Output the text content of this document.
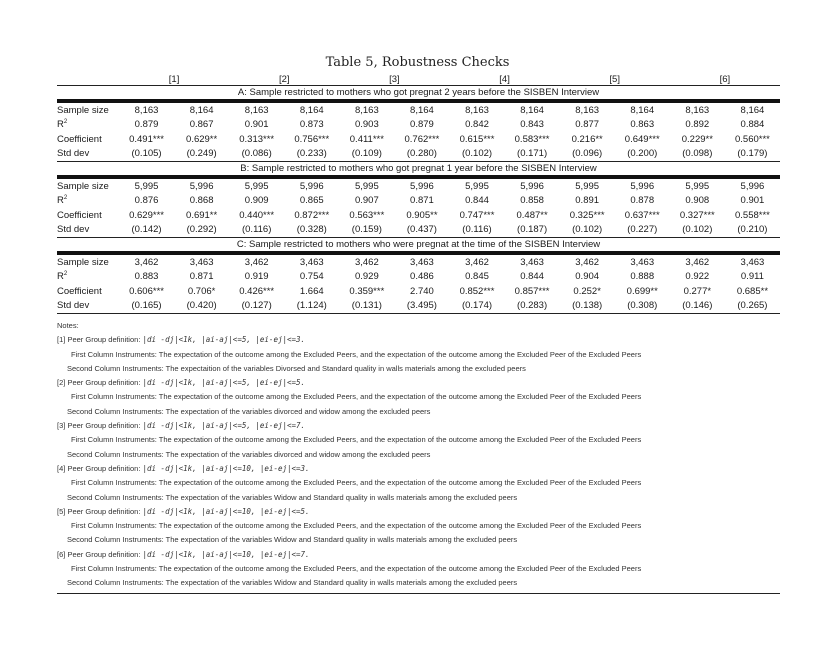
Table 5, Robustness Checks
	[1]		[2]		[3]		[4]		[5]		[6]	
A: Sample restricted to mothers who got pregnat 2 years before the SISBEN Interview												
Sample size	8,163	8,164	8,163	8,164	8,163	8,164	8,163	8,164	8,163	8,164	8,163	8,164
$R^2$	0.879	0.867	0.901	0.873	0.903	0.879	0.842	0.843	0.877	0.863	0.892	0.884
Coefficient	0.491***	0.629**	0.313***	0.756***	0.411***	0.762***	0.615***	0.583***	0.216**	0.649***	0.229**	0.560***
Std dev	(0.105)	(0.249)	(0.086)	(0.233)	(0.109)	(0.280)	(0.102)	(0.171)	(0.096)	(0.200)	(0.098)	(0.179)
B: Sample restricted to mothers who got pregnat 1 year before the SISBEN Interview												
Sample size	5,995	5,996	5,995	5,996	5,995	5,996	5,995	5,996	5,995	5,996	5,995	5,996
$R^2$	0.876	0.868	0.909	0.865	0.907	0.871	0.844	0.858	0.891	0.878	0.908	0.901
Coefficient	0.629***	0.691**	0.440***	0.872***	0.563***	0.905**	0.747***	0.487**	0.325***	0.637***	0.327***	0.558***
Std dev	(0.142)	(0.292)	(0.116)	(0.328)	(0.159)	(0.437)	(0.116)	(0.187)	(0.102)	(0.227)	(0.102)	(0.210)
C: Sample restricted to mothers who were pregnat at the time of the SISBEN Interview												
Sample size	3,462	3,463	3,462	3,463	3,462	3,463	3,462	3,463	3,462	3,463	3,462	3,463
$R^2$	0.883	0.871	0.919	0.754	0.929	0.486	0.845	0.844	0.904	0.888	0.922	0.911
Coefficient	0.606***	0.706*	0.426***	1.664	0.359***	2.740	0.852***	0.857***	0.252*	0.699**	0.277*	0.685**
Std dev	(0.165)	(0.420)	(0.127)	(1.124)	(0.131)	(3.495)	(0.174)	(0.283)	(0.138)	(0.308)	(0.146)	(0.265)
Notes:
[1] Peer Group definition: |di -dj|<1k, |ai-aj|<=5, |ei-ej|<=3.
First Column Instruments: The expectation of the outcome among the Excluded Peers, and the expectation of the outcome among the Excluded Peer of the Excluded Peers
Second Column Instruments: The expectaition of the variables Divorsed and Standard quality in walls materials among the excluded peers
[2] Peer Group definition: |di -dj|<1k, |ai-aj|<=5, |ei-ej|<=5.
First Column Instruments: The expectation of the outcome among the Excluded Peers, and the expectation of the outcome among the Excluded Peer of the Excluded Peers
Second Column Instruments: The expectation of the variables divorced and widow among the excluded peers
[3] Peer Group definition: |di -dj|<1k, |ai-aj|<=5, |ei-ej|<=7.
First Column Instruments: The expectation of the outcome among the Excluded Peers, and the expectation of the outcome among the Excluded Peer of the Excluded Peers
Second Column Instruments: The expectation of the variables divorced and widow among the excluded peers
[4] Peer Group definition: |di -dj|<1k, |ai-aj|<=10, |ei-ej|<=3.
First Column Instruments: The expectation of the outcome among the Excluded Peers, and the expectation of the outcome among the Excluded Peer of the Excluded Peers
Second Column Instruments: The expectation of the variables Widow and Standard quality in walls materials among the excluded peers
[5] Peer Group definition: |di -dj|<1k, |ai-aj|<=10, |ei-ej|<=5.
First Column Instruments: The expectation of the outcome among the Excluded Peers, and the expectation of the outcome among the Excluded Peer of the Excluded Peers
Second Column Instruments: The expectation of the variables Widow and Standard quality in walls materials among the excluded peers
[6] Peer Group definition: |di -dj|<1k, |ai-aj|<=10, |ei-ej|<=7.
First Column Instruments: The expectation of the outcome among the Excluded Peers, and the expectation of the outcome among the Excluded Peer of the Excluded Peers
Second Column Instruments: The expectation of the variables Widow and Standard quality in walls materials among the excluded peers
